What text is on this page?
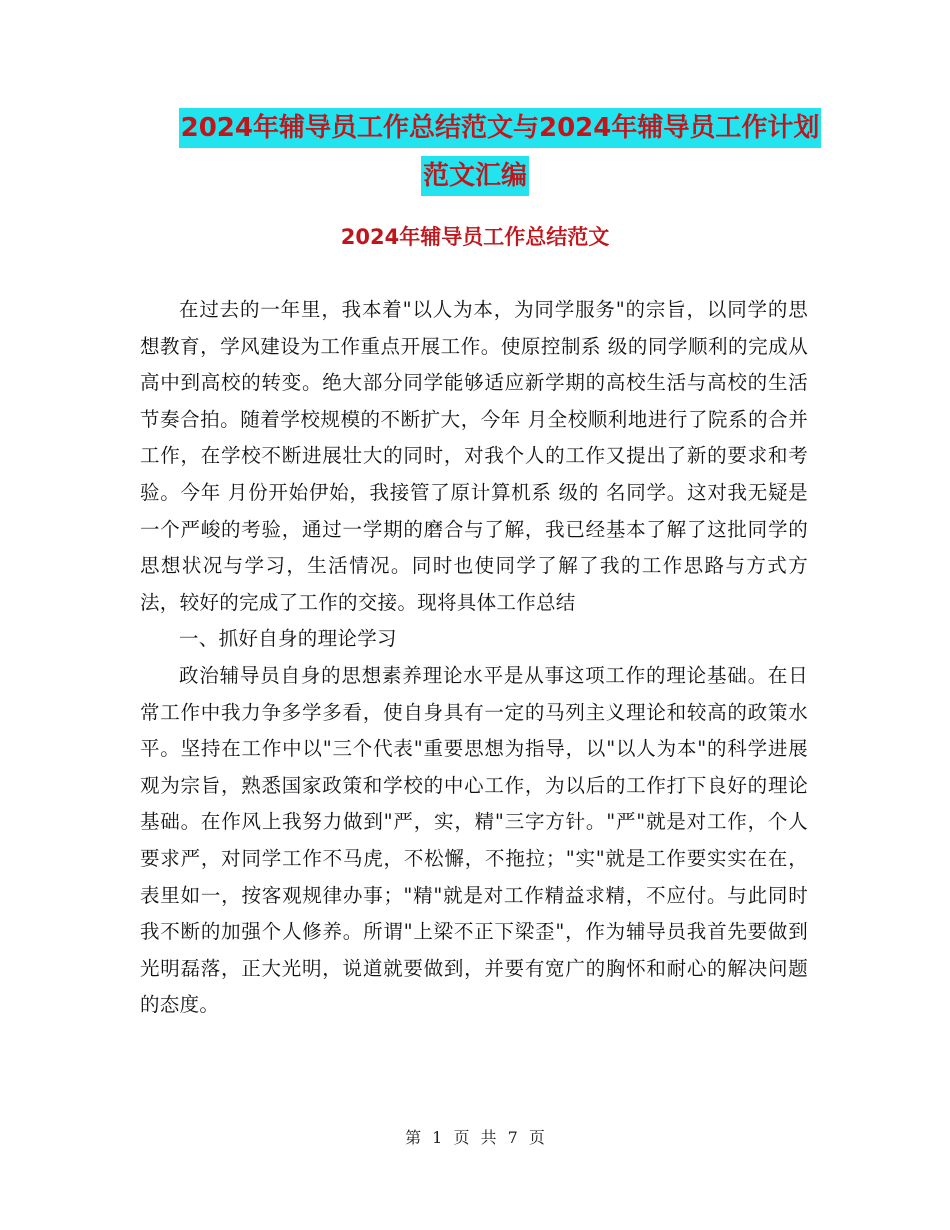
2024年辅导员工作总结范文与2024年辅导员工作计划
范文汇编
2024年辅导员工作总结范文

在过去的一年里，我本着"以人为本，为同学服务"的宗旨，以同学的思想教育，学风建设为工作重点开展工作。使原控制系 级的同学顺利的完成从高中到高校的转变。绝大部分同学能够适应新学期的高校生活与高校的生活节奏合拍。随着学校规模的不断扩大，今年 月全校顺利地进行了院系的合并工作，在学校不断进展壮大的同时，对我个人的工作又提出了新的要求和考验。今年 月份开始伊始，我接管了原计算机系 级的 名同学。这对我无疑是一个严峻的考验，通过一学期的磨合与了解，我已经基本了解了这批同学的思想状况与学习，生活情况。同时也使同学了解了我的工作思路与方式方法，较好的完成了工作的交接。现将具体工作总结

一、抓好自身的理论学习

政治辅导员自身的思想素养理论水平是从事这项工作的理论基础。在日常工作中我力争多学多看，使自身具有一定的马列主义理论和较高的政策水平。坚持在工作中以"三个代表"重要思想为指导，以"以人为本"的科学进展观为宗旨，熟悉国家政策和学校的中心工作，为以后的工作打下良好的理论基础。在作风上我努力做到"严，实，精"三字方针。"严"就是对工作，个人要求严，对同学工作不马虎，不松懈，不拖拉；"实"就是工作要实实在在，表里如一，按客观规律办事；"精"就是对工作精益求精，不应付。与此同时我不断的加强个人修养。所谓"上梁不正下梁歪"，作为辅导员我首先要做到光明磊落，正大光明，说道就要做到，并要有宽广的胸怀和耐心的解决问题的态度。

第 1 页 共 7 页
